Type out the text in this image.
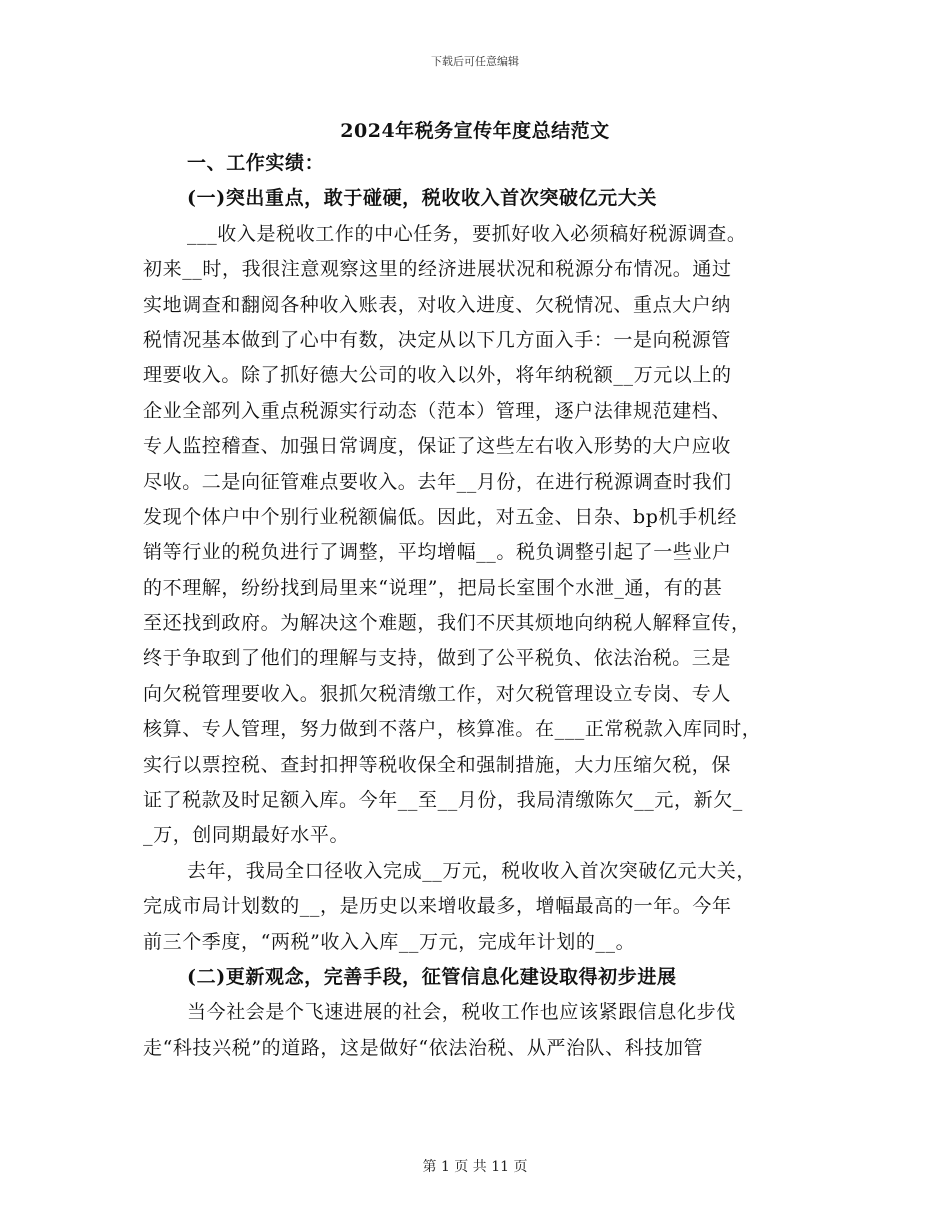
下载后可任意编辑
2024年税务宣传年度总结范文
一、工作实绩：
(一)突出重点，敢于碰硬，税收收入首次突破亿元大关
___收入是税收工作的中心任务，要抓好收入必须稿好税源调查。
初来__时，我很注意观察这里的经济进展状况和税源分布情况。通过
实地调查和翻阅各种收入账表，对收入进度、欠税情况、重点大户纳
税情况基本做到了心中有数，决定从以下几方面入手：一是向税源管
理要收入。除了抓好德大公司的收入以外，将年纳税额__万元以上的
企业全部列入重点税源实行动态（范本）管理，逐户法律规范建档、
专人监控稽查、加强日常调度，保证了这些左右收入形势的大户应收
尽收。二是向征管难点要收入。去年__月份，在进行税源调查时我们
发现个体户中个别行业税额偏低。因此，对五金、日杂、bp机手机经
销等行业的税负进行了调整，平均增幅__。税负调整引起了一些业户
的不理解，纷纷找到局里来“说理”，把局长室围个水泄_通，有的甚
至还找到政府。为解决这个难题，我们不厌其烦地向纳税人解释宣传，
终于争取到了他们的理解与支持，做到了公平税负、依法治税。三是
向欠税管理要收入。狠抓欠税清缴工作，对欠税管理设立专岗、专人
核算、专人管理，努力做到不落户，核算准。在___正常税款入库同时，
实行以票控税、查封扣押等税收保全和强制措施，大力压缩欠税，保
证了税款及时足额入库。今年__至__月份，我局清缴陈欠__元，新欠_
_万，创同期最好水平。
去年，我局全口径收入完成__万元，税收收入首次突破亿元大关，
完成市局计划数的__，是历史以来增收最多，增幅最高的一年。今年
前三个季度，“两税”收入入库__万元，完成年计划的__。
(二)更新观念，完善手段，征管信息化建设取得初步进展
当今社会是个飞速进展的社会，税收工作也应该紧跟信息化步伐
走“科技兴税”的道路，这是做好“依法治税、从严治队、科技加管
第 1 页 共 11 页
